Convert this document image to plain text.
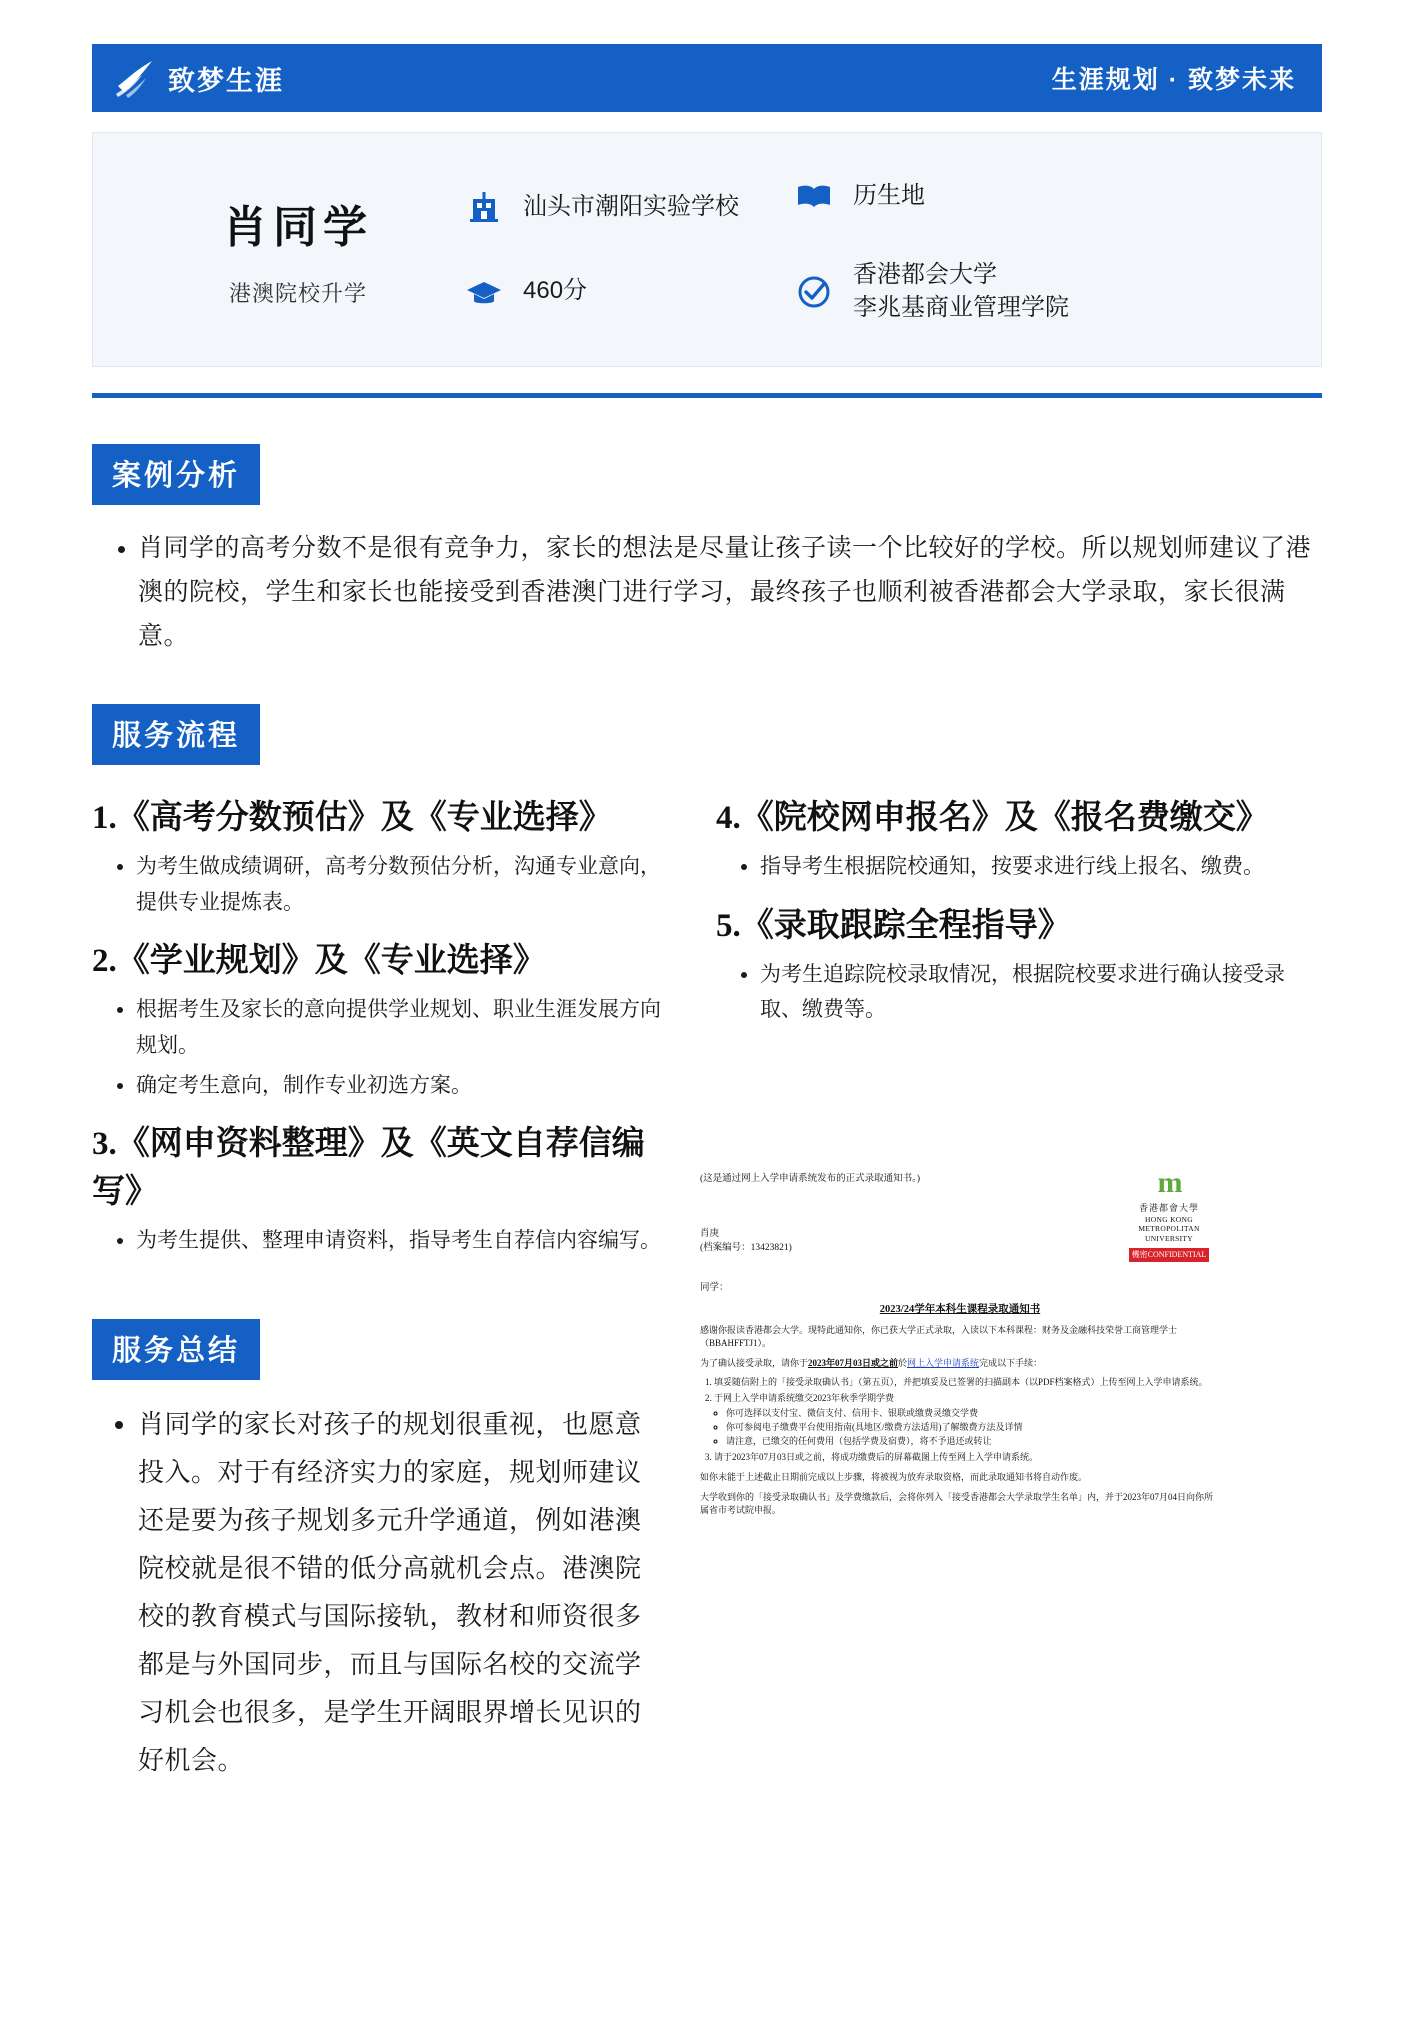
致梦生涯	生涯规划 · 致梦未来
肖同学
港澳院校升学
汕头市潮阳实验学校
460分
历生地
香港都会大学
李兆基商业管理学院
案例分析
• 肖同学的高考分数不是很有竞争力，家长的想法是尽量让孩子读一个比较好的学校。所以规划师建议了港澳的院校，学生和家长也能接受到香港澳门进行学习，最终孩子也顺利被香港都会大学录取，家长很满意。
服务流程
1.《高考分数预估》及《专业选择》
• 为考生做成绩调研，高考分数预估分析，沟通专业意向，提供专业提炼表。
2.《学业规划》及《专业选择》
• 根据考生及家长的意向提供学业规划、职业生涯发展方向规划。
• 确定考生意向，制作专业初选方案。
3.《网申资料整理》及《英文自荐信编写》
• 为考生提供、整理申请资料，指导考生自荐信内容编写。
4.《院校网申报名》及《报名费缴交》
• 指导考生根据院校通知，按要求进行线上报名、缴费。
5.《录取跟踪全程指导》
• 为考生追踪院校录取情况，根据院校要求进行确认接受录取、缴费等。
服务总结
• 肖同学的家长对孩子的规划很重视，也愿意投入。对于有经济实力的家庭，规划师建议还是要为孩子规划多元升学通道，例如港澳院校就是很不错的低分高就机会点。港澳院校的教育模式与国际接轨，教材和师资很多都是与外国同步，而且与国际名校的交流学习机会也很多，是学生开阔眼界增长见识的好机会。
m
香港都會大學
HONG KONG METROPOLITAN UNIVERSITY
機密CONFIDENTIAL
(这是通过网上入学申请系统发布的正式录取通知书。)
肖庚
(档案编号：13423821)
同学：
2023/24学年本科生课程录取通知书

感谢你报读香港都会大学。现特此通知你，你已获大学正式录取，入读以下本科课程：财务及金融科技荣誉工商管理学士（BBAHFFTJ1）。

为了确认接受录取，请你于2023年07月03日或之前於网上入学申请系统完成以下手续：

1. 填妥随信附上的「接受录取确认书」（第五页），并把填妥及已签署的扫描副本（以PDF档案格式）上传至网上入学申请系统。
2. 于网上入学申请系统缴交2023年秋季学期学费
◦ 你可选择以支付宝、微信支付、信用卡、银联或缴费灵缴交学费
◦ 你可参阅电子缴费平台使用指南(具地区/缴费方法适用)了解缴费方法及详情
◦ 请注意，已缴交的任何费用（包括学费及宿费），将不予退还或转让
3. 请于2023年07月03日或之前，将成功缴费后的屏幕截图上传至网上入学申请系统。

如你未能于上述截止日期前完成以上步骤，将被视为放弃录取资格，而此录取通知书将自动作废。

大学收到你的「接受录取确认书」及学费缴款后，会将你列入「接受香港都会大学录取学生名单」内，并于2023年07月04日向你所属省市考试院申报。
